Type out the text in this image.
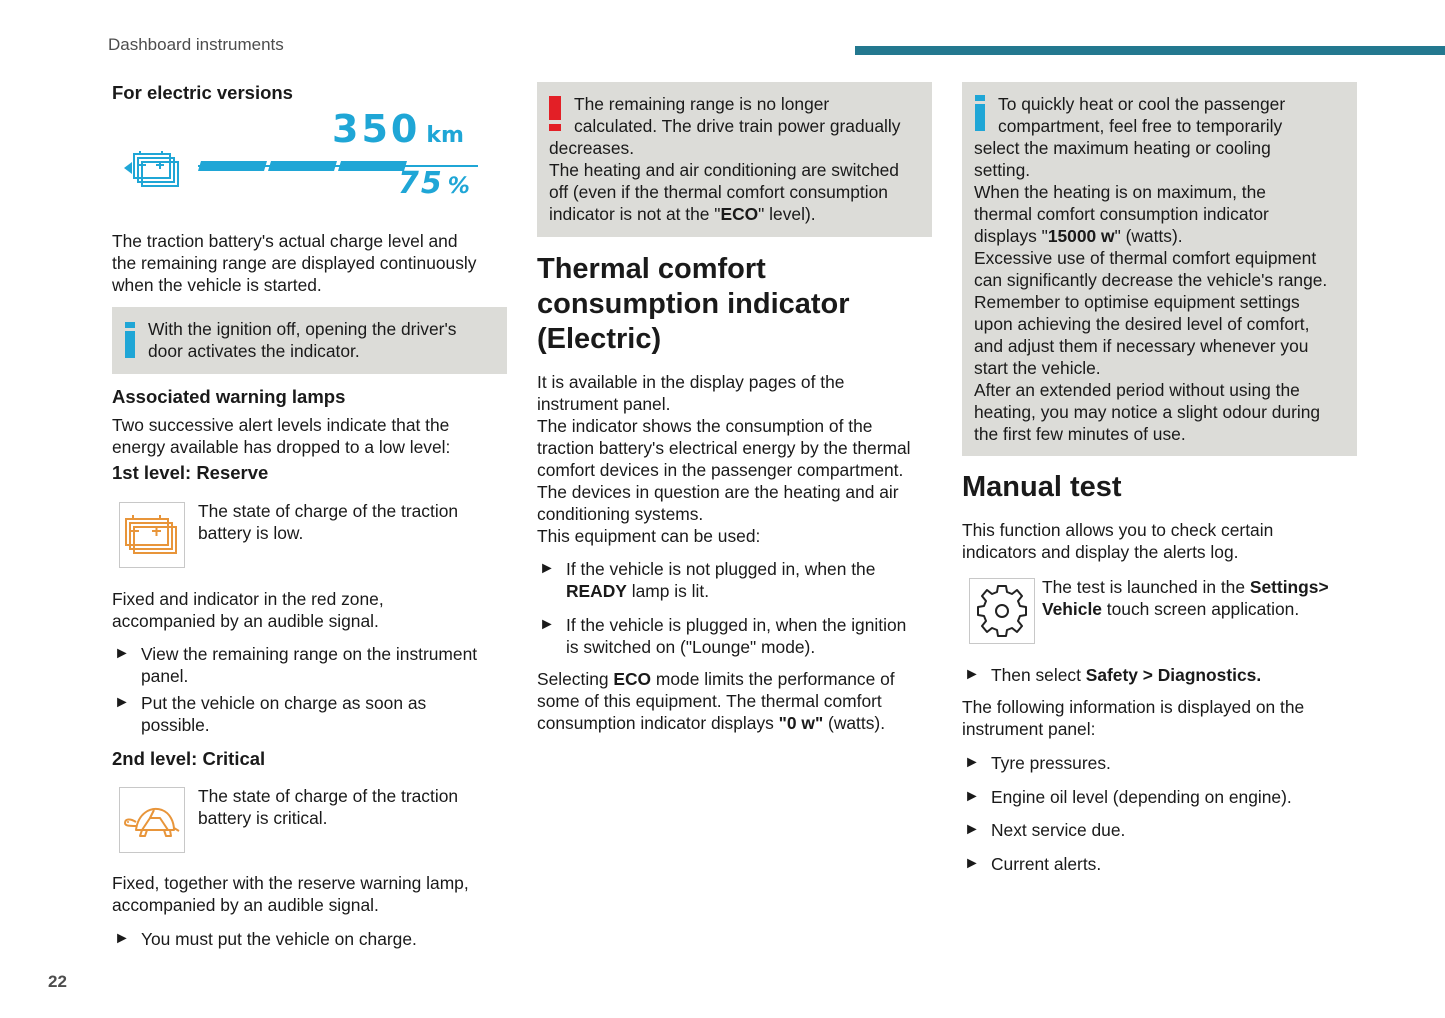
Dashboard instruments
22

For electric versions

350 km
75 %

The traction battery's actual charge level and

the remaining range are displayed continuously

when the vehicle is started.

With the ignition off, opening the driver's

door activates the indicator.

Associated warning lamps

Two successive alert levels indicate that the

energy available has dropped to a low level:

1st level: Reserve

The state of charge of the traction

battery is low.

Fixed and indicator in the red zone,

accompanied by an audible signal.

► View the remaining range on the instrument

panel.

► Put the vehicle on charge as soon as

possible.

2nd level: Critical

The state of charge of the traction

battery is critical.

Fixed, together with the reserve warning lamp,

accompanied by an audible signal.

► You must put the vehicle on charge.

The remaining range is no longer

calculated. The drive train power gradually

decreases.

The heating and air conditioning are switched

off (even if the thermal comfort consumption

indicator is not at the "ECO" level).

Thermal comfort

consumption indicator

(Electric)

It is available in the display pages of the

instrument panel.

The indicator shows the consumption of the

traction battery's electrical energy by the thermal

comfort devices in the passenger compartment.

The devices in question are the heating and air

conditioning systems.

This equipment can be used:

► If the vehicle is not plugged in, when the

READY lamp is lit.

► If the vehicle is plugged in, when the ignition

is switched on ("Lounge" mode).

Selecting ECO mode limits the performance of

some of this equipment. The thermal comfort

consumption indicator displays "0 w" (watts).

To quickly heat or cool the passenger

compartment, feel free to temporarily

select the maximum heating or cooling

setting.

When the heating is on maximum, the

thermal comfort consumption indicator

displays "15000 w" (watts).

Excessive use of thermal comfort equipment

can significantly decrease the vehicle's range.

Remember to optimise equipment settings

upon achieving the desired level of comfort,

and adjust them if necessary whenever you

start the vehicle.

After an extended period without using the

heating, you may notice a slight odour during

the first few minutes of use.

Manual test

This function allows you to check certain

indicators and display the alerts log.

The test is launched in the Settings>

Vehicle touch screen application.

► Then select Safety > Diagnostics.

The following information is displayed on the

instrument panel:

► Tyre pressures.

► Engine oil level (depending on engine).

► Next service due.

► Current alerts.
